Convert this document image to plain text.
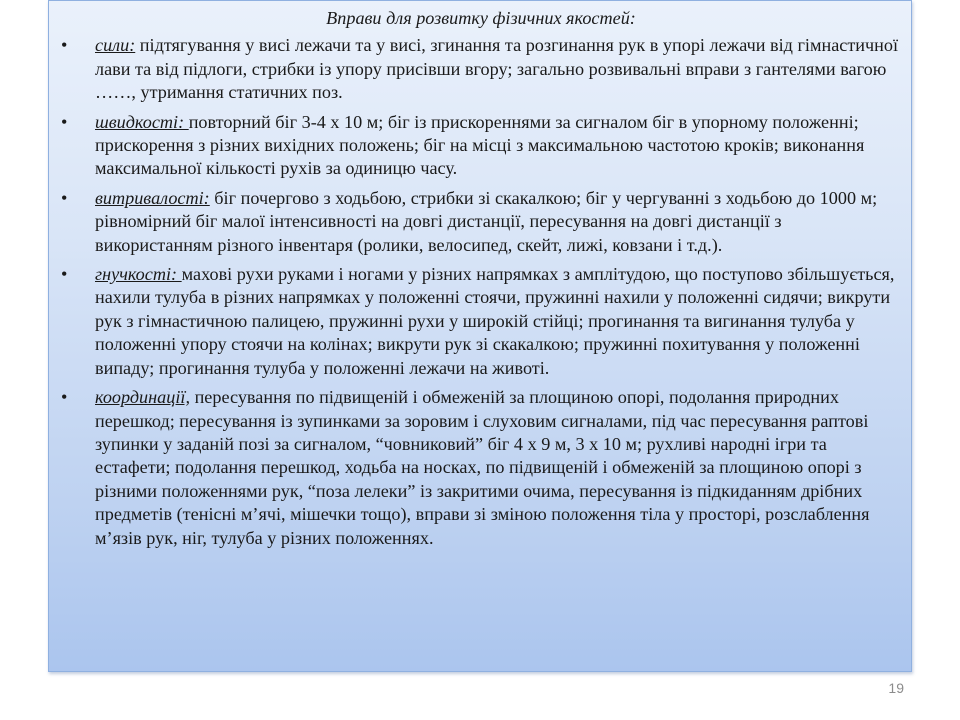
Вправи для розвитку фізичних якостей:

• сили: підтягування у висі лежачи та у висі, згинання та розгинання рук в упорі лежачи від гімнастичної лави та від підлоги, стрибки із упору присівши вгору; загально розвивальні вправи з гантелями вагою ……, утримання статичних поз.
• швидкості: повторний біг 3-4 х 10 м; біг із прискореннями за сигналом біг в упорному положенні; прискорення з різних вихідних положень; біг на місці з максимальною частотою кроків; виконання максимальної кількості рухів за одиницю часу.
• витривалості: біг почергово з ходьбою, стрибки зі скакалкою; біг у чергуванні з ходьбою до 1000 м; рівномірний біг малої інтенсивності на довгі дистанції, пересування на довгі дистанції з використанням різного інвентаря (ролики, велосипед, скейт, лижі, ковзани і т.д.).
• гнучкості: махові рухи руками і ногами у різних напрямках з амплітудою, що поступово збільшується, нахили тулуба в різних напрямках у положенні стоячи, пружинні нахили у положенні сидячи; викрути рук з гімнастичною палицею, пружинні рухи у широкій стійці; прогинання та вигинання тулуба у положенні упору стоячи на колінах; викрути рук зі скакалкою; пружинні похитування у положенні випаду; прогинання тулуба у положенні лежачи на животі.
• координації, пересування по підвищеній і обмеженій за площиною опорі, подолання природних перешкод; пересування із зупинками за зоровим і слуховим сигналами, під час пересування раптові зупинки у заданій позі за сигналом, “човниковий” біг 4 х 9 м, 3 х 10 м; рухливі народні ігри та естафети; подолання перешкод, ходьба на носках, по підвищеній і обмеженій за площиною опорі з різними положеннями рук, “поза лелеки” із закритими очима, пересування із підкиданням дрібних предметів (тенісні м’ячі, мішечки тощо), вправи зі зміною положення тіла у просторі, розслаблення м’язів рук, ніг, тулуба у різних положеннях.
19
